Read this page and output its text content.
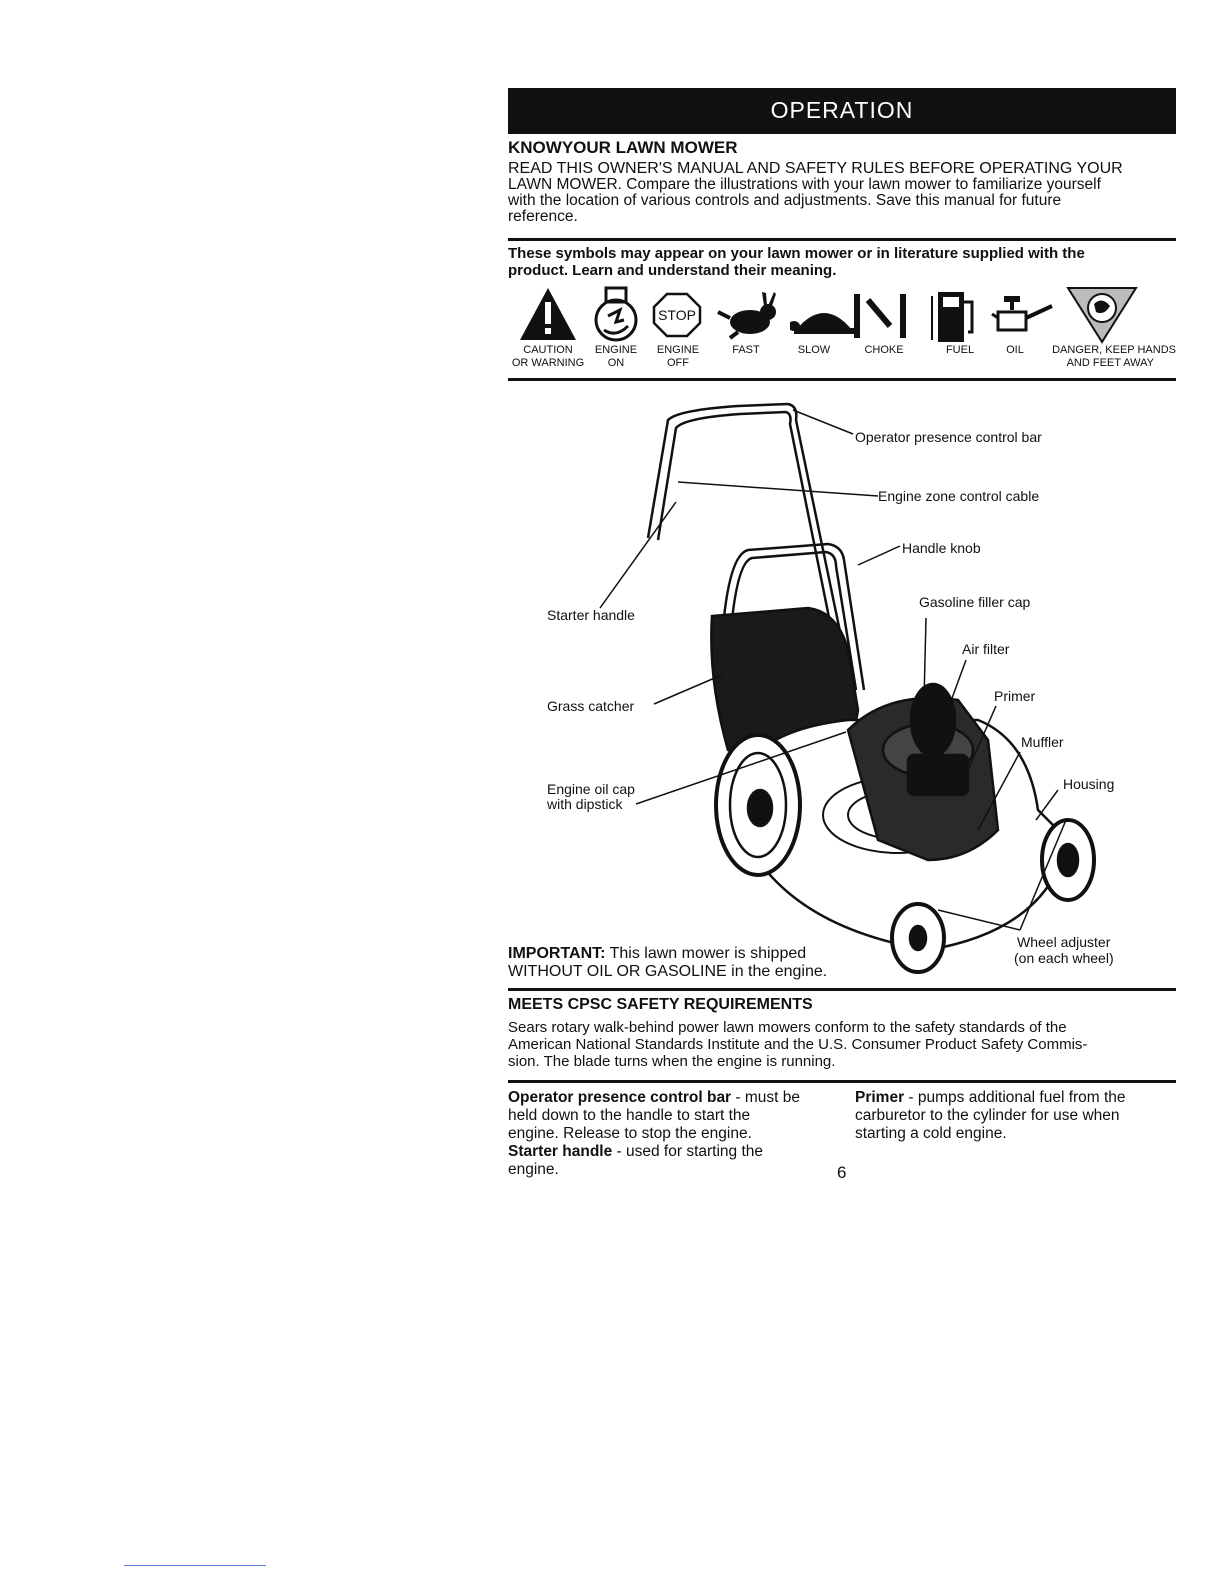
OPERATION
KNOWYOUR LAWN MOWER
READ THIS OWNER'S MANUAL AND SAFETY RULES BEFORE OPERATING YOUR
LAWN MOWER. Compare the illustrations with your lawn mower to familiarize yourself
with the location of various controls and adjustments. Save this manual for future
reference.
These symbols may appear on your lawn mower or in literature supplied with the
product. Learn and understand their meaning.
STOP
CAUTION
OR WARNING
ENGINE
ON
ENGINE
OFF
FAST	SLOW	CHOKE	FUEL	OIL	DANGER, KEEP HANDS
AND FEET AWAY
Operator presence control bar
Engine zone control cable
Handle knob
Gasoline filler cap
Air filter
Primer
Muffler
Housing
Starter handle
Grass catcher
Engine oil cap
with dipstick
Wheel adjuster
(on each wheel)
IMPORTANT: This lawn mower is shipped
WITHOUT OIL OR GASOLINE in the engine.
MEETS CPSC SAFETY REQUIREMENTS
Sears rotary walk-behind power lawn mowers conform to the safety standards of the
American National Standards Institute and the U.S. Consumer Product Safety Commis-
sion. The blade turns when the engine is running.
Operator presence control bar - must be
held down to the handle to start the
engine. Release to stop the engine.
Starter handle - used for starting the
engine.
Primer - pumps additional fuel from the
carburetor to the cylinder for use when
starting a cold engine.
6
